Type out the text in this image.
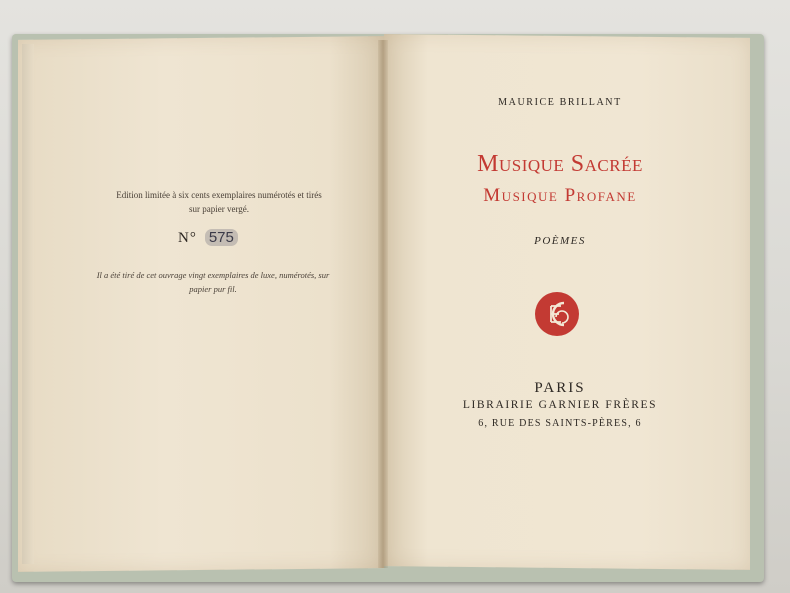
Edition limitée à six cents exemplaires numérotés et tirés sur papier vergé.
N° 575
Il a été tiré de cet ouvrage vingt exemplaires de luxe, numérotés, sur papier pur fil.
MAURICE BRILLANT
Musique Sacrée
Musique Profane
POÈMES
PARIS
LIBRAIRIE GARNIER FRÈRES
6, RUE DES SAINTS-PÈRES, 6
